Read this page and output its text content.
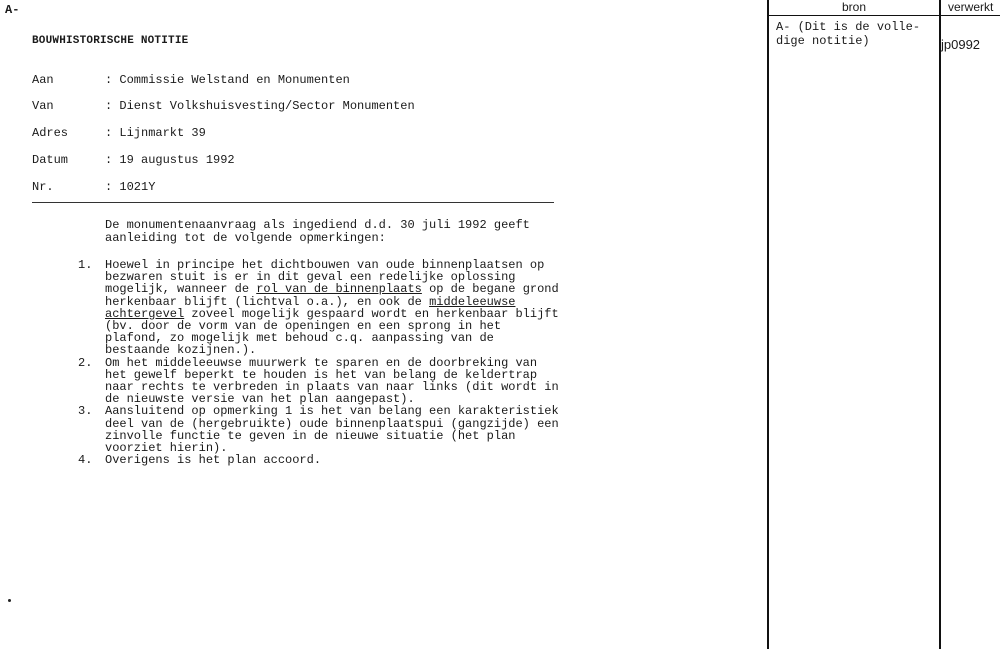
A-
BOUWHISTORISCHE NOTITIE
Aan	: Commissie Welstand en Monumenten
Van	: Dienst Volkshuisvesting/Sector Monumenten
Adres	: Lijnmarkt 39
Datum	: 19 augustus 1992
Nr.	: 1021Y
De monumentenaanvraag als ingediend d.d. 30 juli 1992 geeft aanleiding tot de volgende opmerkingen:
1. Hoewel in principe het dichtbouwen van oude binnenplaatsen op bezwaren stuit is er in dit geval een redelijke oplossing mogelijk, wanneer de rol van de binnenplaats op de begane grond herkenbaar blijft (lichtval o.a.), en ook de middeleeuwse achtergevel zoveel mogelijk gespaard wordt en herkenbaar blijft (bv. door de vorm van de openingen en een sprong in het plafond, zo mogelijk met behoud c.q. aanpassing van de bestaande kozijnen.).
2. Om het middeleeuwse muurwerk te sparen en de doorbreking van het gewelf beperkt te houden is het van belang de keldertrap naar rechts te verbreden in plaats van naar links (dit wordt in de nieuwste versie van het plan aangepast).
3. Aansluitend op opmerking 1 is het van belang een karakteristiek deel van de (hergebruikte) oude binnenplaatspui (gangzijde) een zinvolle functie te geven in de nieuwe situatie (het plan voorziet hierin).
4. Overigens is het plan accoord.
bron	verwerkt
A- (Dit is de volle- dige notitie)	jp0992
